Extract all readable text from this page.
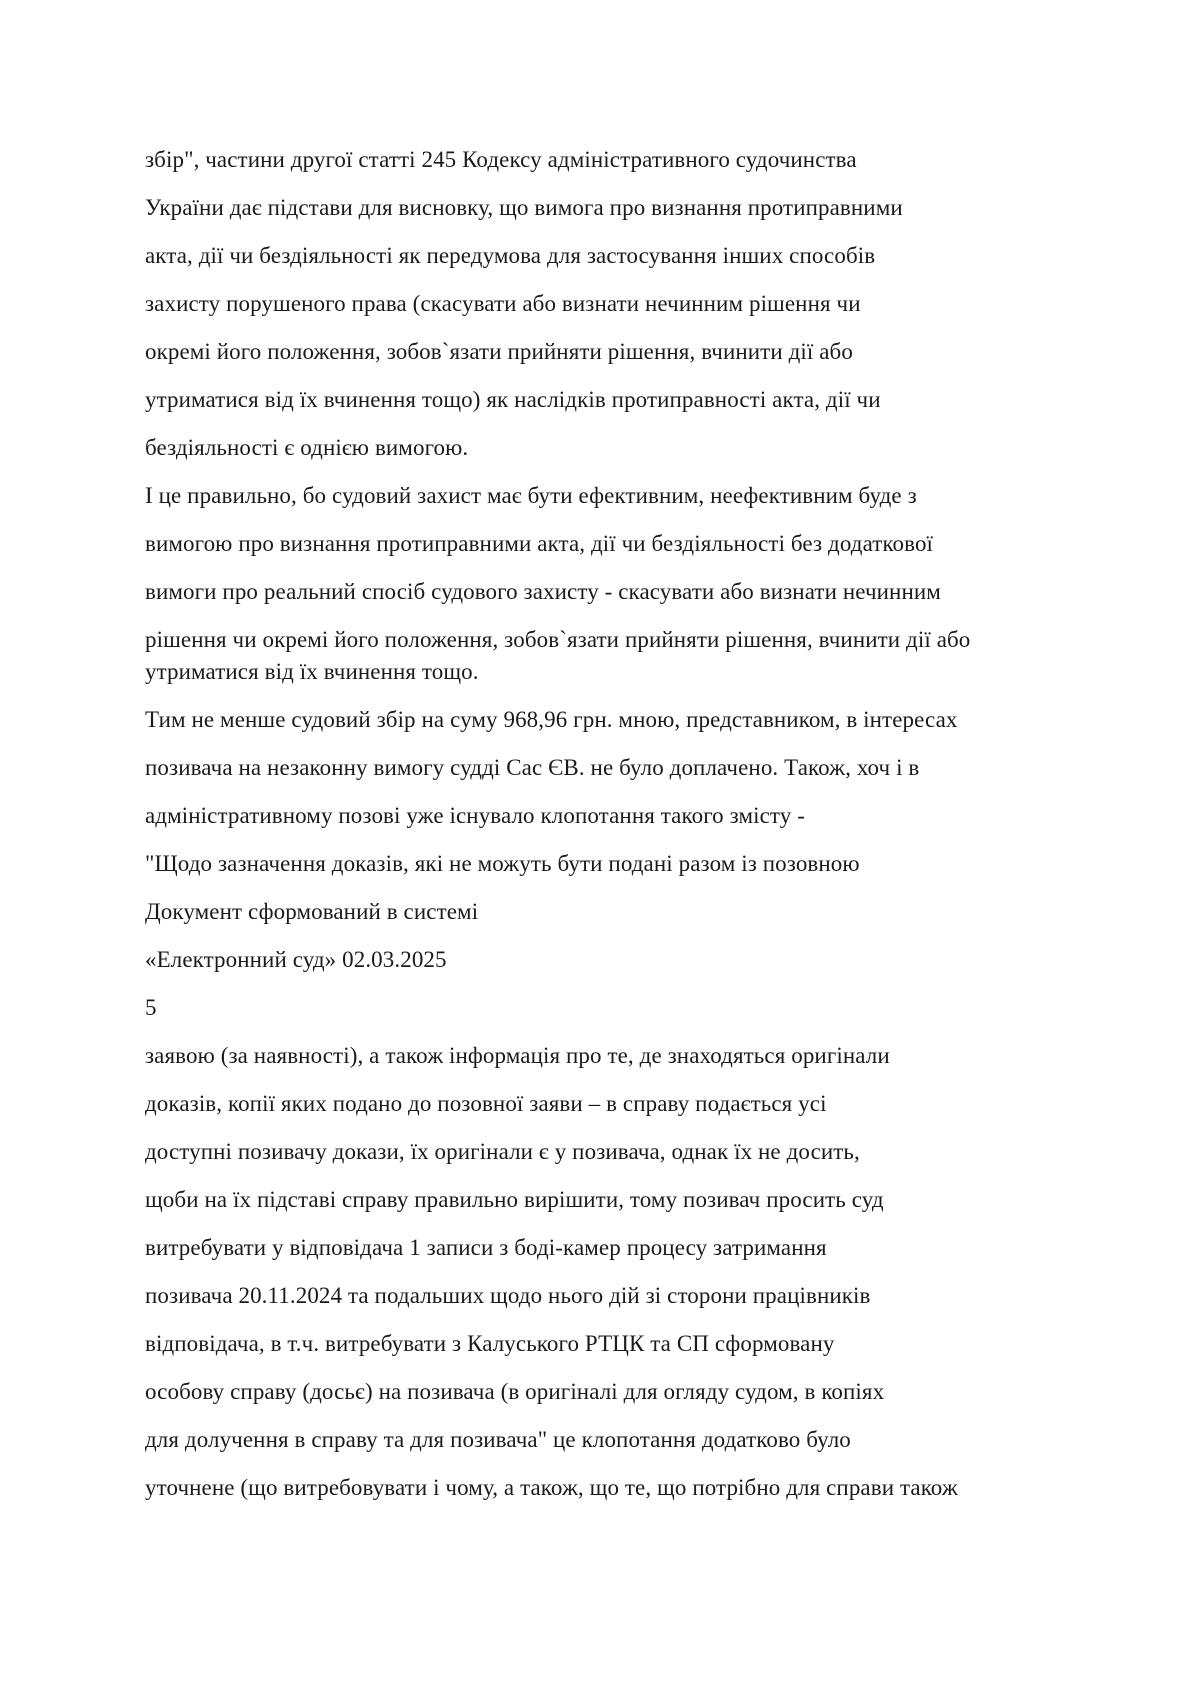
збір", частини другої статті 245 Кодексу адміністративного судочинства
України дає підстави для висновку, що вимога про визнання протиправними
акта, дії чи бездіяльності як передумова для застосування інших способів
захисту порушеного права (скасувати або визнати нечинним рішення чи
окремі його положення, зобов`язати прийняти рішення, вчинити дії або
утриматися від їх вчинення тощо) як наслідків протиправності акта, дії чи
бездіяльності є однією вимогою.
І це правильно, бо судовий захист має бути ефективним, неефективним буде з
вимогою про визнання протиправними акта, дії чи бездіяльності без додаткової
вимоги про реальний спосіб судового захисту - скасувати або визнати нечинним
рішення чи окремі його положення, зобов`язати прийняти рішення, вчинити дії або
утриматися від їх вчинення тощо.
Тим не менше судовий збір на суму 968,96 грн. мною, представником, в інтересах
позивача на незаконну вимогу судді Сас ЄВ. не було доплачено. Також, хоч і в
адміністративному позові уже існувало клопотання такого змісту -
"Щодо зазначення доказів, які не можуть бути подані разом із позовною
Документ сформований в системі
«Електронний суд» 02.03.2025
5
заявою (за наявності), а також інформація про те, де знаходяться оригінали
доказів, копії яких подано до позовної заяви – в справу подається усі
доступні позивачу докази, їх оригінали є у позивача, однак їх не досить,
щоби на їх підставі справу правильно вирішити, тому позивач просить суд
витребувати у відповідача 1 записи з боді-камер процесу затримання
позивача 20.11.2024 та подальших щодо нього дій зі сторони працівників
відповідача, в т.ч. витребувати з Калуського РТЦК та СП сформовану
особову справу (досьє) на позивача (в оригіналі для огляду судом, в копіях
для долучення в справу та для позивача" це клопотання додатково було
уточнене (що витребовувати і чому, а також, що те, що потрібно для справи також
